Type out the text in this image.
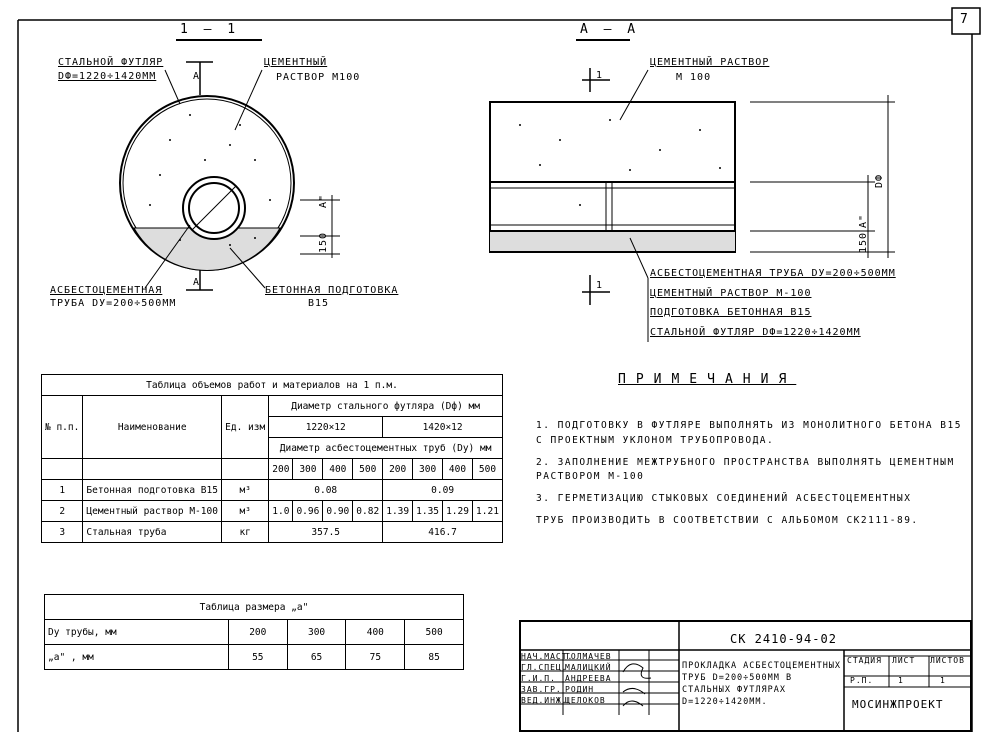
7
1 – 1
А
А
СТАЛЬНОЙ ФУТЛЯР
DФ=1220÷1420ММ
ЦЕМЕНТНЫЙ
РАСТВОР М100
АСБЕСТОЦЕМЕНТНАЯ
ТРУБА DУ=200÷500ММ
БЕТОННАЯ ПОДГОТОВКА
В15
А"
150
А – А
1
1
ЦЕМЕНТНЫЙ РАСТВОР
М 100
DФ
А"
150
АСБЕСТОЦЕМЕНТНАЯ ТРУБА DУ=200÷500ММ
ЦЕМЕНТНЫЙ РАСТВОР М-100
ПОДГОТОВКА БЕТОННАЯ В15
СТАЛЬНОЙ ФУТЛЯР DФ=1220÷1420ММ
Таблица объемов работ и материалов на 1 п.м.										
№ п.п.	Наименование	Ед. изм	Диаметр стального футляра (Dф) мм							
			1220×12				1420×12			
			Диаметр асбестоцементных труб (Dу) мм							
			200	300	400	500	200	300	400	500
1	Бетонная подготовка В15	м³	0.08				0.09			
2	Цементный раствор М-100	м³	1.0	0.96	0.90	0.82	1.39	1.35	1.29	1.21
3	Стальная труба	кг	357.5				416.7			
Таблица размера „а"				
Dу трубы, мм	200	300	400	500
„а" , мм	55	65	75	85
ПРИМЕЧАНИЯ
1. ПОДГОТОВКУ В ФУТЛЯРЕ ВЫПОЛНЯТЬ ИЗ МОНОЛИТНОГО БЕТОНА В15
С ПРОЕКТНЫМ УКЛОНОМ ТРУБОПРОВОДА.
2. ЗАПОЛНЕНИЕ МЕЖТРУБНОГО ПРОСТРАНСТВА ВЫПОЛНЯТЬ ЦЕМЕНТНЫМ
РАСТВОРОМ М-100
3. ГЕРМЕТИЗАЦИЮ СТЫКОВЫХ СОЕДИНЕНИЙ АСБЕСТОЦЕМЕНТНЫХ
ТРУБ ПРОИЗВОДИТЬ В СООТВЕТСТВИИ С АЛЬБОМОМ СК2111-89.
СК 2410-94-02
НАЧ.МАСТ.
ТОЛМАЧЕВ
ГЛ.СПЕЦ.
МАЛИЦКИЙ
Г.И.П. АНДРЕЕВА
ЗАВ.ГР. РОДИН
ВЕД.ИНЖ.
ЩЕЛОКОВ
ПРОКЛАДКА АСБЕСТОЦЕМЕНТНЫХ ТРУБ D=200÷500ММ В СТАЛЬНЫХ ФУТЛЯРАХ D=1220÷1420ММ.
СТАДИЯ ЛИСТ ЛИСТОВ
Р.П.	1	1
МОСИНЖПРОЕКТ
